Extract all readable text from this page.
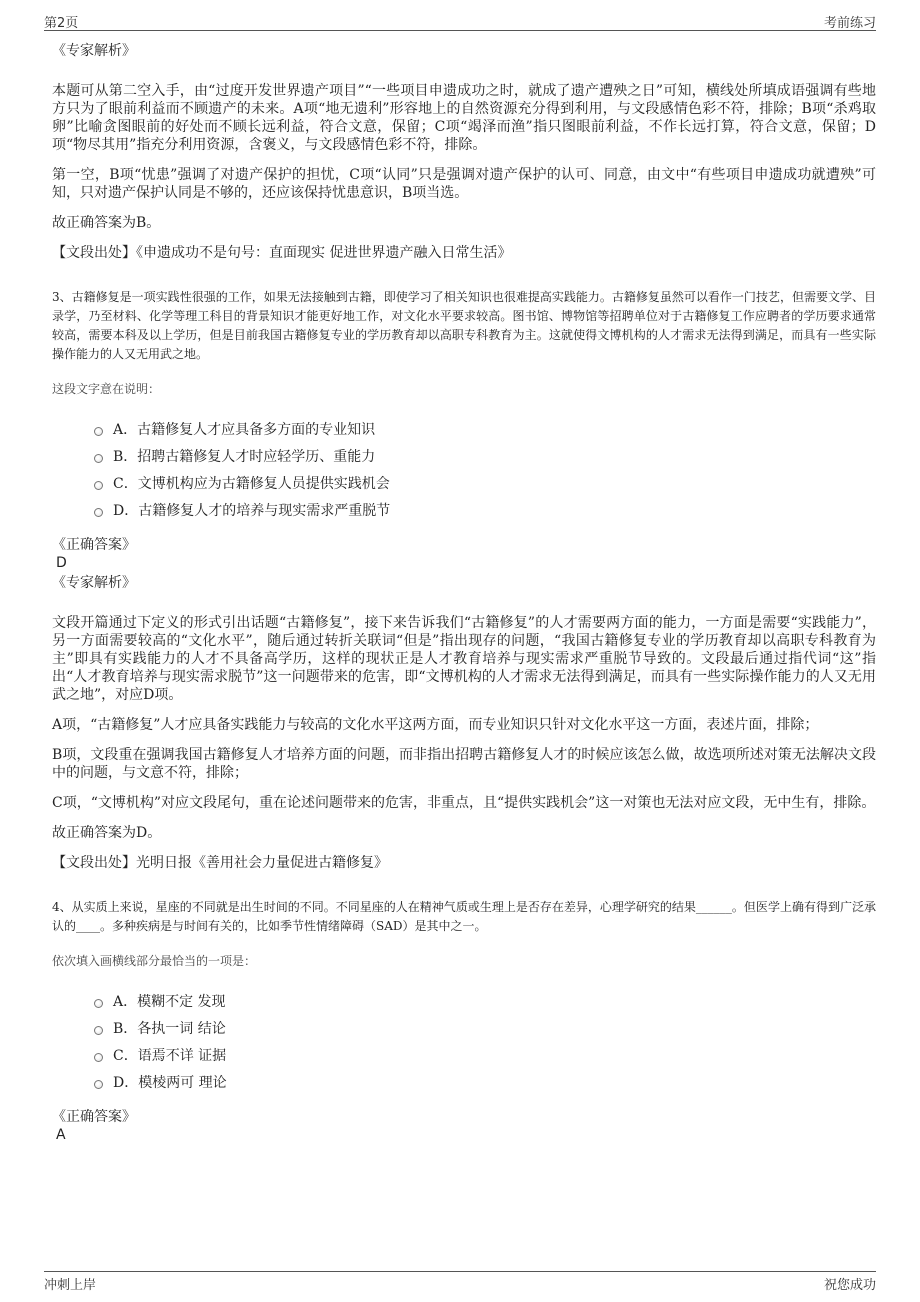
第2页	考前练习

《专家解析》

本题可从第二空入手，由“过度开发世界遗产项目”“一些项目申遗成功之时，就成了遗产遭殃之日”可知，横线处所填成语强调有些地方只为了眼前利益而不顾遗产的未来。A项“地无遗利”形容地上的自然资源充分得到利用，与文段感情色彩不符，排除；B项“杀鸡取卵”比喻贪图眼前的好处而不顾长远利益，符合文意，保留；C项“竭泽而渔”指只图眼前利益，不作长远打算，符合文意，保留；D项“物尽其用”指充分利用资源，含褒义，与文段感情色彩不符，排除。

第一空，B项“忧患”强调了对遗产保护的担忧，C项“认同”只是强调对遗产保护的认可、同意，由文中“有些项目申遗成功就遭殃”可知，只对遗产保护认同是不够的，还应该保持忧患意识，B项当选。

故正确答案为B。

【文段出处】《申遗成功不是句号：直面现实 促进世界遗产融入日常生活》

3、古籍修复是一项实践性很强的工作，如果无法接触到古籍，即使学习了相关知识也很难提高实践能力。古籍修复虽然可以看作一门技艺，但需要文学、目录学，乃至材料、化学等理工科目的背景知识才能更好地工作，对文化水平要求较高。图书馆、博物馆等招聘单位对于古籍修复工作应聘者的学历要求通常较高，需要本科及以上学历，但是目前我国古籍修复专业的学历教育却以高职专科教育为主。这就使得文博机构的人才需求无法得到满足，而具有一些实际操作能力的人又无用武之地。

这段文字意在说明：

A．古籍修复人才应具备多方面的专业知识
B．招聘古籍修复人才时应轻学历、重能力
C．文博机构应为古籍修复人员提供实践机会
D．古籍修复人才的培养与现实需求严重脱节

《正确答案》

D

《专家解析》

文段开篇通过下定义的形式引出话题“古籍修复”，接下来告诉我们“古籍修复”的人才需要两方面的能力，一方面是需要“实践能力”，另一方面需要较高的“文化水平”，随后通过转折关联词“但是”指出现存的问题，“我国古籍修复专业的学历教育却以高职专科教育为主”即具有实践能力的人才不具备高学历，这样的现状正是人才教育培养与现实需求严重脱节导致的。文段最后通过指代词“这”指出“人才教育培养与现实需求脱节”这一问题带来的危害，即“文博机构的人才需求无法得到满足，而具有一些实际操作能力的人又无用武之地”，对应D项。

A项，“古籍修复”人才应具备实践能力与较高的文化水平这两方面，而专业知识只针对文化水平这一方面，表述片面，排除；

B项，文段重在强调我国古籍修复人才培养方面的问题，而非指出招聘古籍修复人才的时候应该怎么做，故选项所述对策无法解决文段中的问题，与文意不符，排除；

C项，“文博机构”对应文段尾句，重在论述问题带来的危害，非重点，且“提供实践机会”这一对策也无法对应文段，无中生有，排除。

故正确答案为D。

【文段出处】光明日报《善用社会力量促进古籍修复》

4、从实质上来说，星座的不同就是出生时间的不同。不同星座的人在精神气质或生理上是否存在差异，心理学研究的结果______。但医学上确有得到广泛承认的____。多种疾病是与时间有关的，比如季节性情绪障碍（SAD）是其中之一。

依次填入画横线部分最恰当的一项是：

A．模糊不定 发现
B．各执一词 结论
C．语焉不详 证据
D．模棱两可 理论

《正确答案》

A

冲刺上岸	祝您成功
